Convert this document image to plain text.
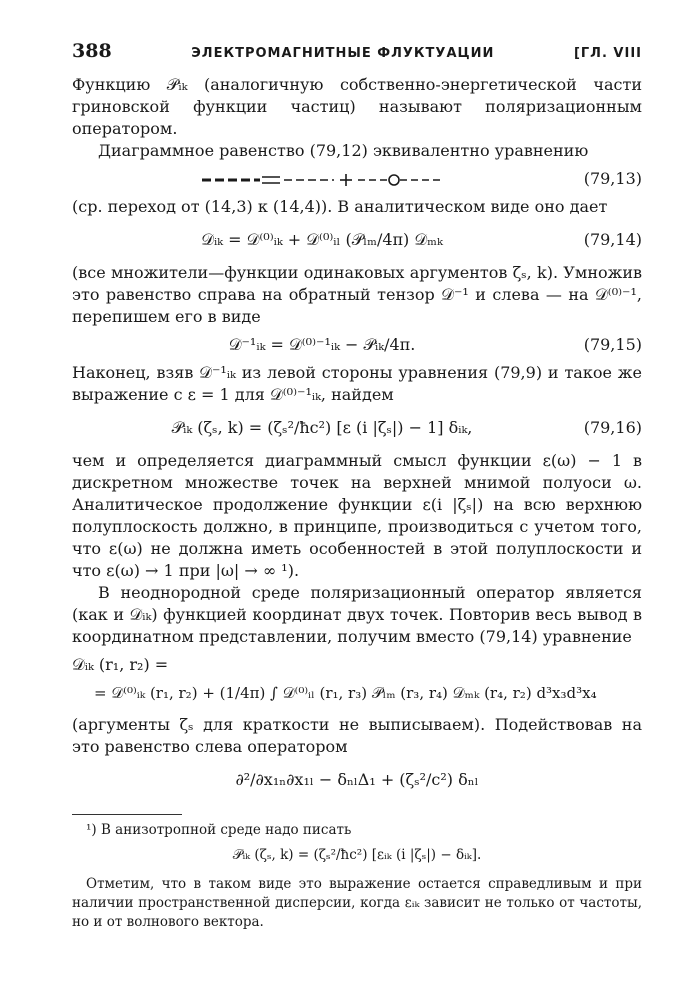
388	ЭЛЕКТРОМАГНИТНЫЕ ФЛУКТУАЦИИ	[ГЛ. VIII

Функцию 𝒫ᵢₖ (аналогичную собственно-энергетической части гриновской функции частиц) называют поляризационным оператором.

Диаграммное равенство (79,12) эквивалентно уравнению

(79,13)

(ср. переход от (14,3) к (14,4)). В аналитическом виде оно дает

𝒟ᵢₖ = 𝒟⁽⁰⁾ᵢₖ + 𝒟⁽⁰⁾ᵢₗ (𝒫ₗₘ/4π) 𝒟ₘₖ	(79,14)

(все множители—функции одинаковых аргументов ζₛ, k). Умножив это равенство справа на обратный тензор 𝒟⁻¹ и слева — на 𝒟⁽⁰⁾⁻¹, перепишем его в виде

𝒟⁻¹ᵢₖ = 𝒟⁽⁰⁾⁻¹ᵢₖ − 𝒫ᵢₖ/4π.	(79,15)

Наконец, взяв 𝒟⁻¹ᵢₖ из левой стороны уравнения (79,9) и такое же выражение с ε = 1 для 𝒟⁽⁰⁾⁻¹ᵢₖ, найдем

𝒫ᵢₖ (ζₛ, k) = (ζₛ²/ħc²) [ε (i |ζₛ|) − 1] δᵢₖ,	(79,16)

чем и определяется диаграммный смысл функции ε(ω) − 1 в дискретном множестве точек на верхней мнимой полуоси ω. Аналитическое продолжение функции ε(i |ζₛ|) на всю верхнюю полуплоскость должно, в принципе, производиться с учетом того, что ε(ω) не должна иметь особенностей в этой полуплоскости и что ε(ω) → 1 при |ω| → ∞ ¹).

В неоднородной среде поляризационный оператор является (как и 𝒟ᵢₖ) функцией координат двух точек. Повторив весь вывод в координатном представлении, получим вместо (79,14) уравнение

𝒟ᵢₖ (r₁, r₂) =
= 𝒟⁽⁰⁾ᵢₖ (r₁, r₂) + (1/4π) ∫ 𝒟⁽⁰⁾ᵢₗ (r₁, r₃) 𝒫ₗₘ (r₃, r₄) 𝒟ₘₖ (r₄, r₂) d³x₃d³x₄

(аргументы ζₛ для краткости не выписываем). Подействовав на это равенство слева оператором

∂²/∂x₁ₙ∂x₁ₗ − δₙₗΔ₁ + (ζₛ²/c²) δₙₗ

¹) В анизотропной среде надо писать

𝒫ᵢₖ (ζₛ, k) = (ζₛ²/ħc²) [εᵢₖ (i |ζₛ|) − δᵢₖ].

Отметим, что в таком виде это выражение остается справедливым и при наличии пространственной дисперсии, когда εᵢₖ зависит не только от частоты, но и от волнового вектора.
